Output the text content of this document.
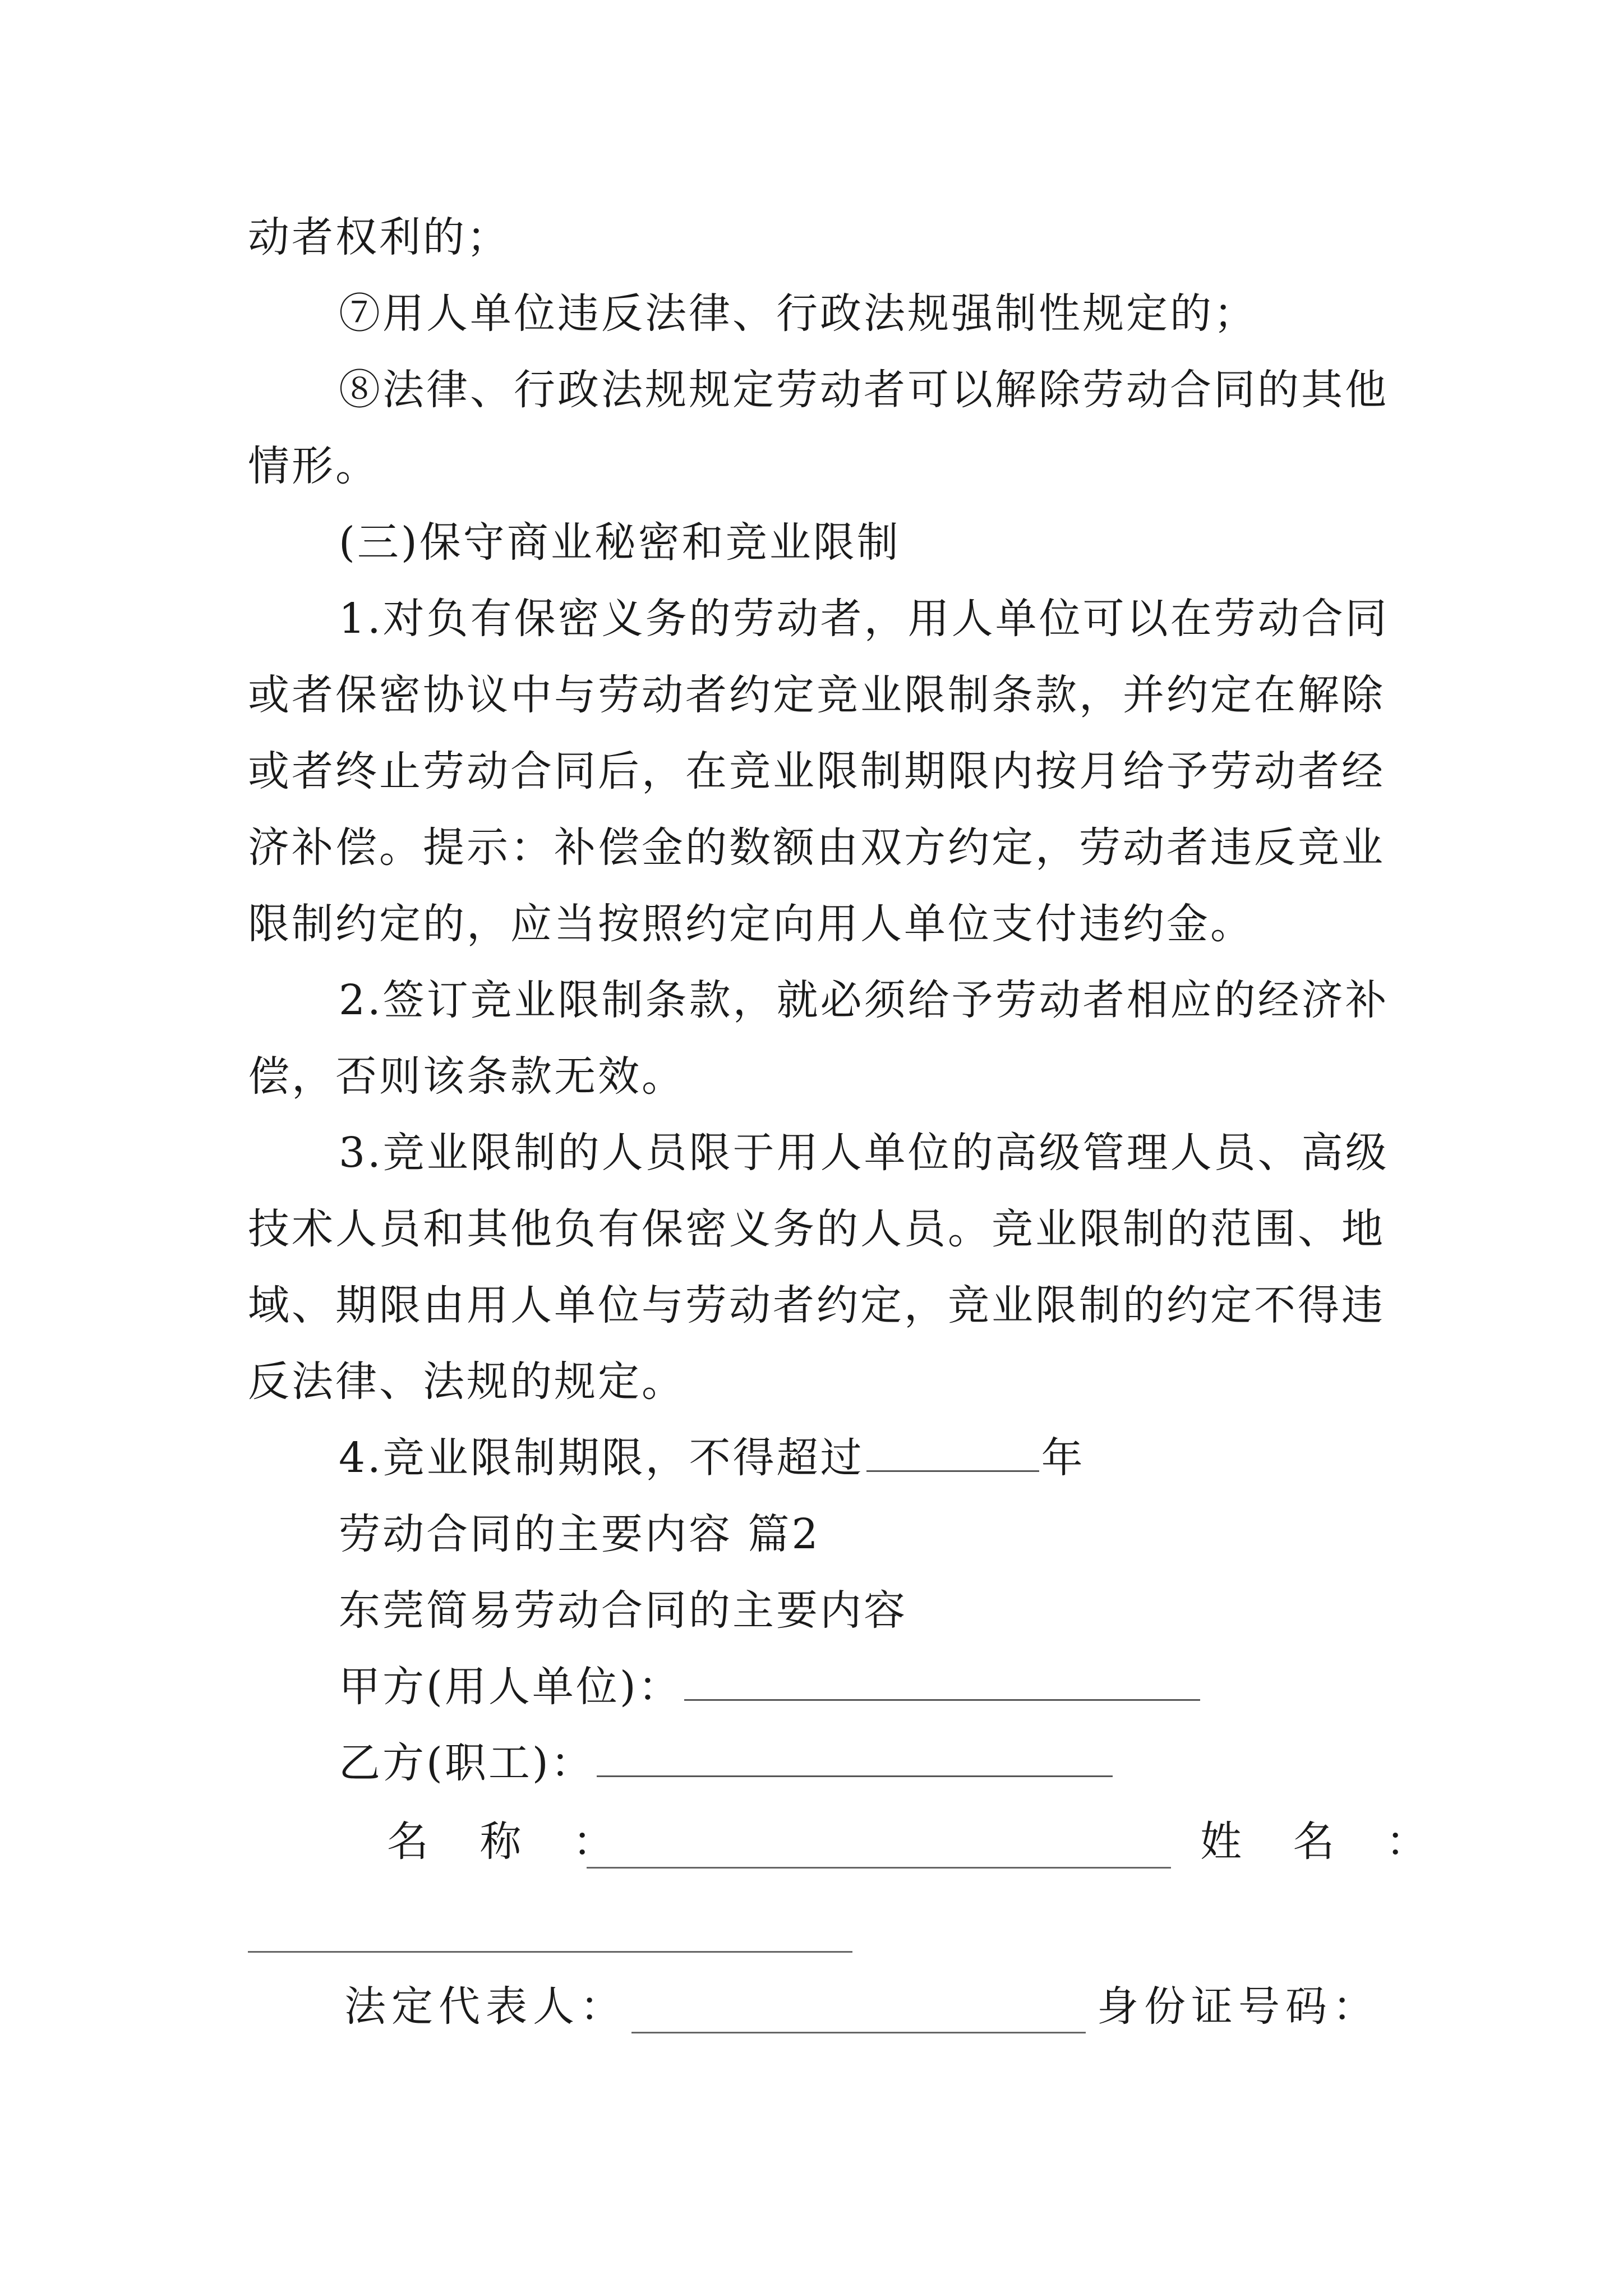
动者权利的；
⑦用人单位违反法律、行政法规强制性规定的；
⑧法律、行政法规规定劳动者可以解除劳动合同的其他
情形。
(三)保守商业秘密和竞业限制
1.对负有保密义务的劳动者，用人单位可以在劳动合同
或者保密协议中与劳动者约定竞业限制条款，并约定在解除
或者终止劳动合同后，在竞业限制期限内按月给予劳动者经
济补偿。提示：补偿金的数额由双方约定，劳动者违反竞业
限制约定的，应当按照约定向用人单位支付违约金。
2.签订竞业限制条款，就必须给予劳动者相应的经济补
偿，否则该条款无效。
3.竞业限制的人员限于用人单位的高级管理人员、高级
技术人员和其他负有保密义务的人员。竞业限制的范围、地
域、期限由用人单位与劳动者约定，竞业限制的约定不得违
反法律、法规的规定。
4.竞业限制期限，不得超过	年
劳动合同的主要内容 篇2
东莞简易劳动合同的主要内容
甲方(用人单位)：
乙方(职工)：
名 称 ：	姓 名 ：
法定代表人：	身份证号码：
